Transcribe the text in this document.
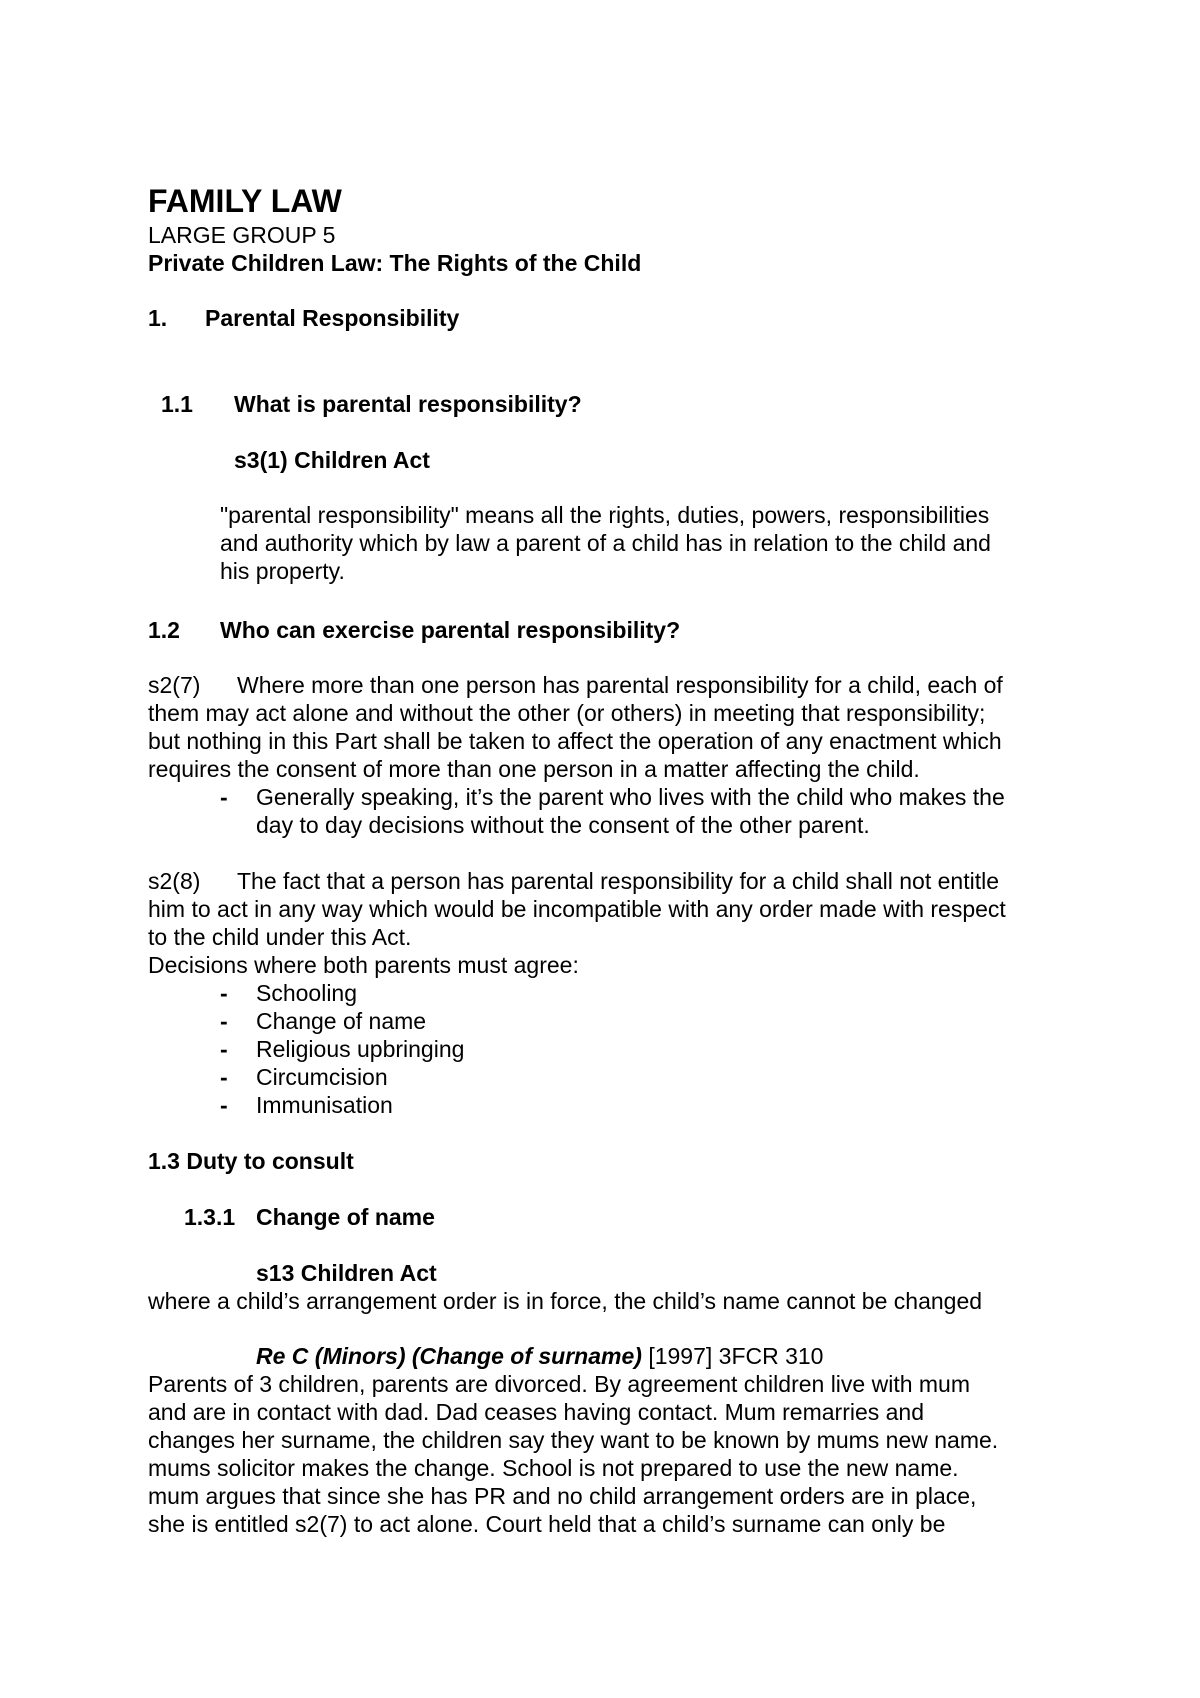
FAMILY LAW

LARGE GROUP 5

Private Children Law: The Rights of the Child

1. Parental Responsibility

1.1 What is parental responsibility?

s3(1) Children Act

"parental responsibility" means all the rights, duties, powers, responsibilities
and authority which by law a parent of a child has in relation to the child and
his property.

1.2 Who can exercise parental responsibility?

s2(7)	Where more than one person has parental responsibility for a child, each of
them may act alone and without the other (or others) in meeting that responsibility;
but nothing in this Part shall be taken to affect the operation of any enactment which
requires the consent of more than one person in a matter affecting the child.
- Generally speaking, it’s the parent who lives with the child who makes the
day to day decisions without the consent of the other parent.

s2(8)	The fact that a person has parental responsibility for a child shall not entitle
him to act in any way which would be incompatible with any order made with respect
to the child under this Act.

Decisions where both parents must agree:

- Schooling

- Change of name

- Religious upbringing

- Circumcision

- Immunisation

1.3 Duty to consult

1.3.1 Change of name

s13 Children Act

where a child’s arrangement order is in force, the child’s name cannot be changed

Re C (Minors) (Change of surname) [1997] 3FCR 310

Parents of 3 children, parents are divorced. By agreement children live with mum
and are in contact with dad. Dad ceases having contact. Mum remarries and
changes her surname, the children say they want to be known by mums new name.
mums solicitor makes the change. School is not prepared to use the new name.
mum argues that since she has PR and no child arrangement orders are in place,
she is entitled s2(7) to act alone. Court held that a child’s surname can only be
